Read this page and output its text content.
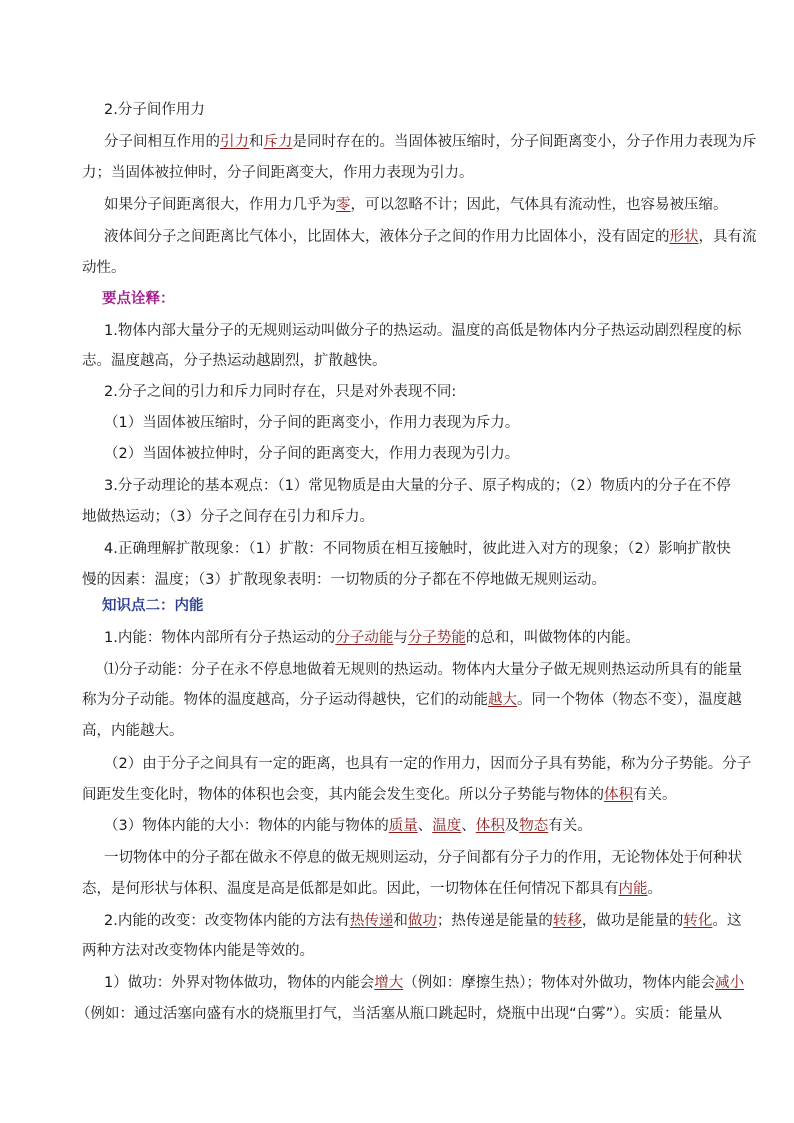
2.分子间作用力
分子间相互作用的引力和斥力是同时存在的。当固体被压缩时，分子间距离变小，分子作用力表现为斥
力；当固体被拉伸时，分子间距离变大，作用力表现为引力。
如果分子间距离很大，作用力几乎为零，可以忽略不计；因此，气体具有流动性，也容易被压缩。
液体间分子之间距离比气体小，比固体大，液体分子之间的作用力比固体小，没有固定的形状，具有流
动性。
要点诠释：
1.物体内部大量分子的无规则运动叫做分子的热运动。温度的高低是物体内分子热运动剧烈程度的标
志。温度越高，分子热运动越剧烈，扩散越快。
2.分子之间的引力和斥力同时存在，只是对外表现不同:
（1）当固体被压缩时，分子间的距离变小，作用力表现为斥力。
（2）当固体被拉伸时，分子间的距离变大，作用力表现为引力。
3.分子动理论的基本观点：（1）常见物质是由大量的分子、原子构成的；（2）物质内的分子在不停
地做热运动；（3）分子之间存在引力和斥力。
4.正确理解扩散现象：（1）扩散：不同物质在相互接触时，彼此进入对方的现象；（2）影响扩散快
慢的因素：温度；（3）扩散现象表明：一切物质的分子都在不停地做无规则运动。
知识点二：内能
1.内能：物体内部所有分子热运动的分子动能与分子势能的总和，叫做物体的内能。
⑴分子动能：分子在永不停息地做着无规则的热运动。物体内大量分子做无规则热运动所具有的能量
称为分子动能。物体的温度越高，分子运动得越快，它们的动能越大。同一个物体（物态不变），温度越
高，内能越大。
（2）由于分子之间具有一定的距离，也具有一定的作用力，因而分子具有势能，称为分子势能。分子
间距发生变化时，物体的体积也会变，其内能会发生变化。所以分子势能与物体的体积有关。
（3）物体内能的大小：物体的内能与物体的质量、温度、体积及物态有关。
一切物体中的分子都在做永不停息的做无规则运动，分子间都有分子力的作用，无论物体处于何种状
态，是何形状与体积、温度是高是低都是如此。因此，一切物体在任何情况下都具有内能。
2.内能的改变：改变物体内能的方法有热传递和做功；热传递是能量的转移，做功是能量的转化。这
两种方法对改变物体内能是等效的。
1）做功：外界对物体做功，物体的内能会增大（例如：摩擦生热）；物体对外做功，物体内能会减小
（例如：通过活塞向盛有水的烧瓶里打气，当活塞从瓶口跳起时，烧瓶中出现“白雾”）。实质：能量从
